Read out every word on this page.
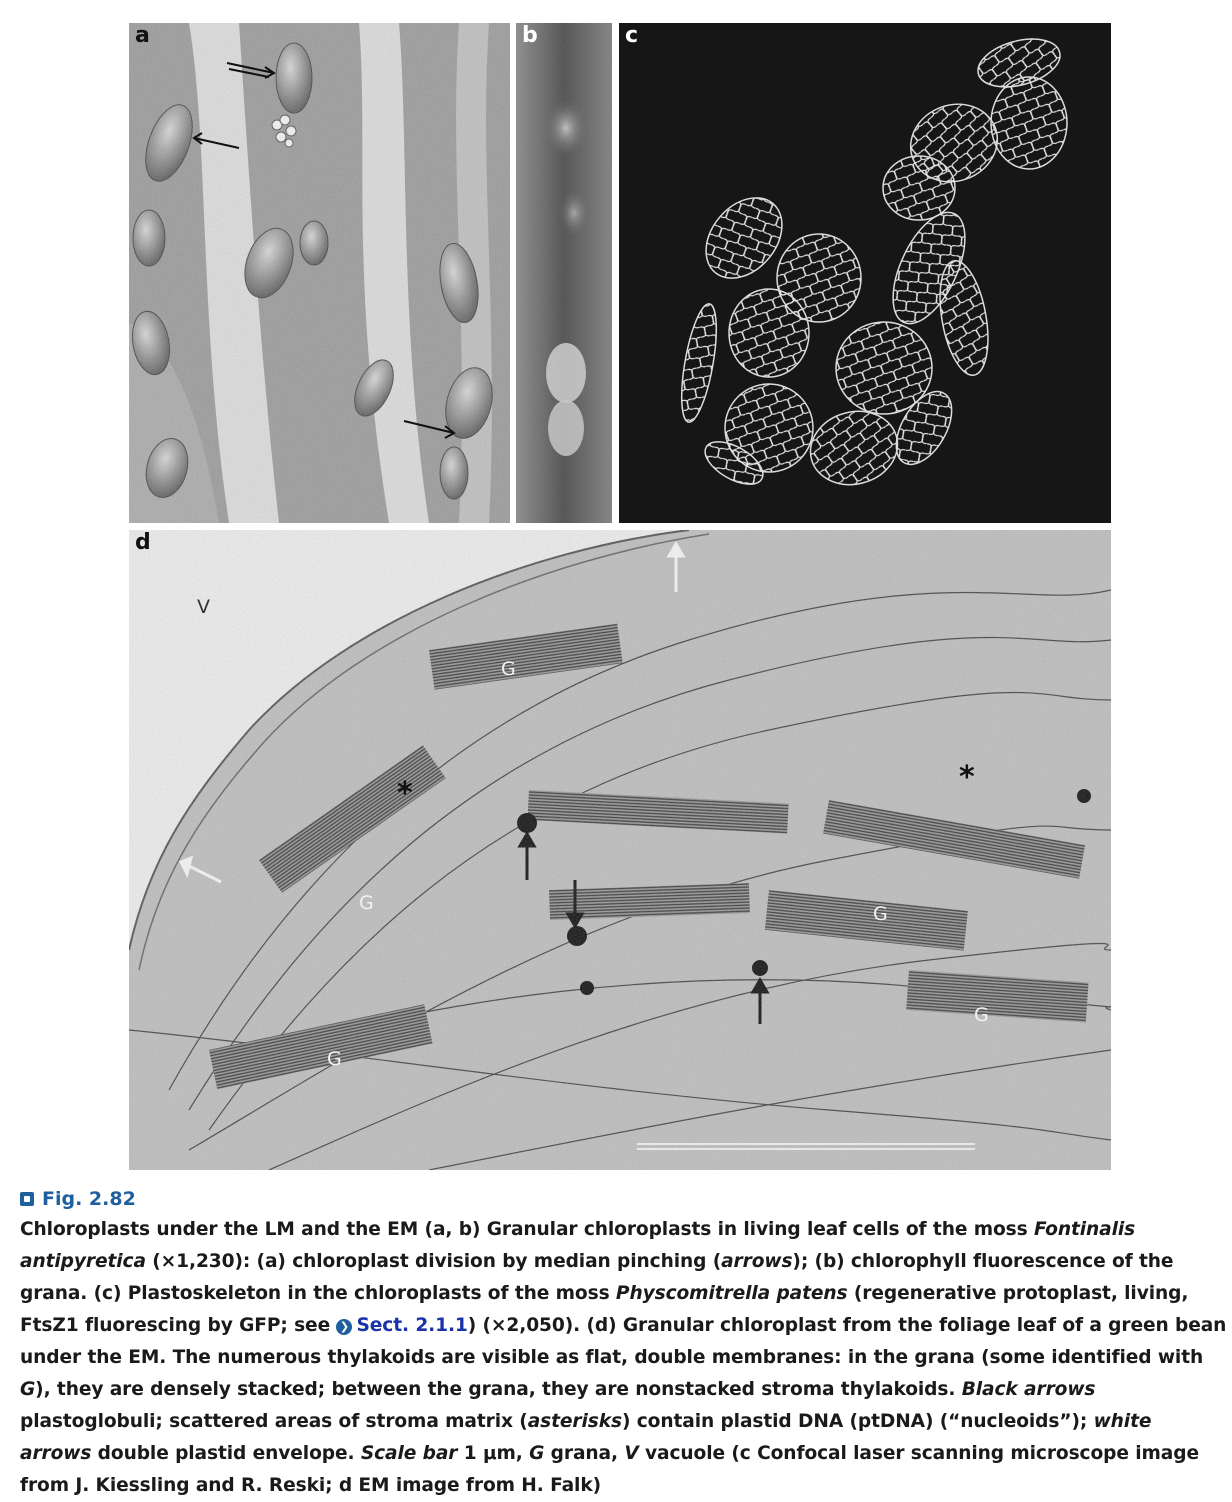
a	b	c
d
V
G
G	G
G
G
*	*
Fig. 2.82
Chloroplasts under the LM and the EM (a, b) Granular chloroplasts in living leaf cells of the moss Fontinalis antipyretica (×1,230): (a) chloroplast division by median pinching (arrows); (b) chlorophyll fluorescence of the grana. (c) Plastoskeleton in the chloroplasts of the moss Physcomitrella patens (regenerative protoplast, living, FtsZ1 fluorescing by GFP; see ❯ Sect. 2.1.1) (×2,050). (d) Granular chloroplast from the foliage leaf of a green bean under the EM. The numerous thylakoids are visible as flat, double membranes: in the grana (some identified with G), they are densely stacked; between the grana, they are nonstacked stroma thylakoids. Black arrows plastoglobuli; scattered areas of stroma matrix (asterisks) contain plastid DNA (ptDNA) (“nucleoids”); white arrows double plastid envelope. Scale bar 1 μm, G grana, V vacuole (c Confocal laser scanning microscope image from J. Kiessling and R. Reski; d EM image from H. Falk)
